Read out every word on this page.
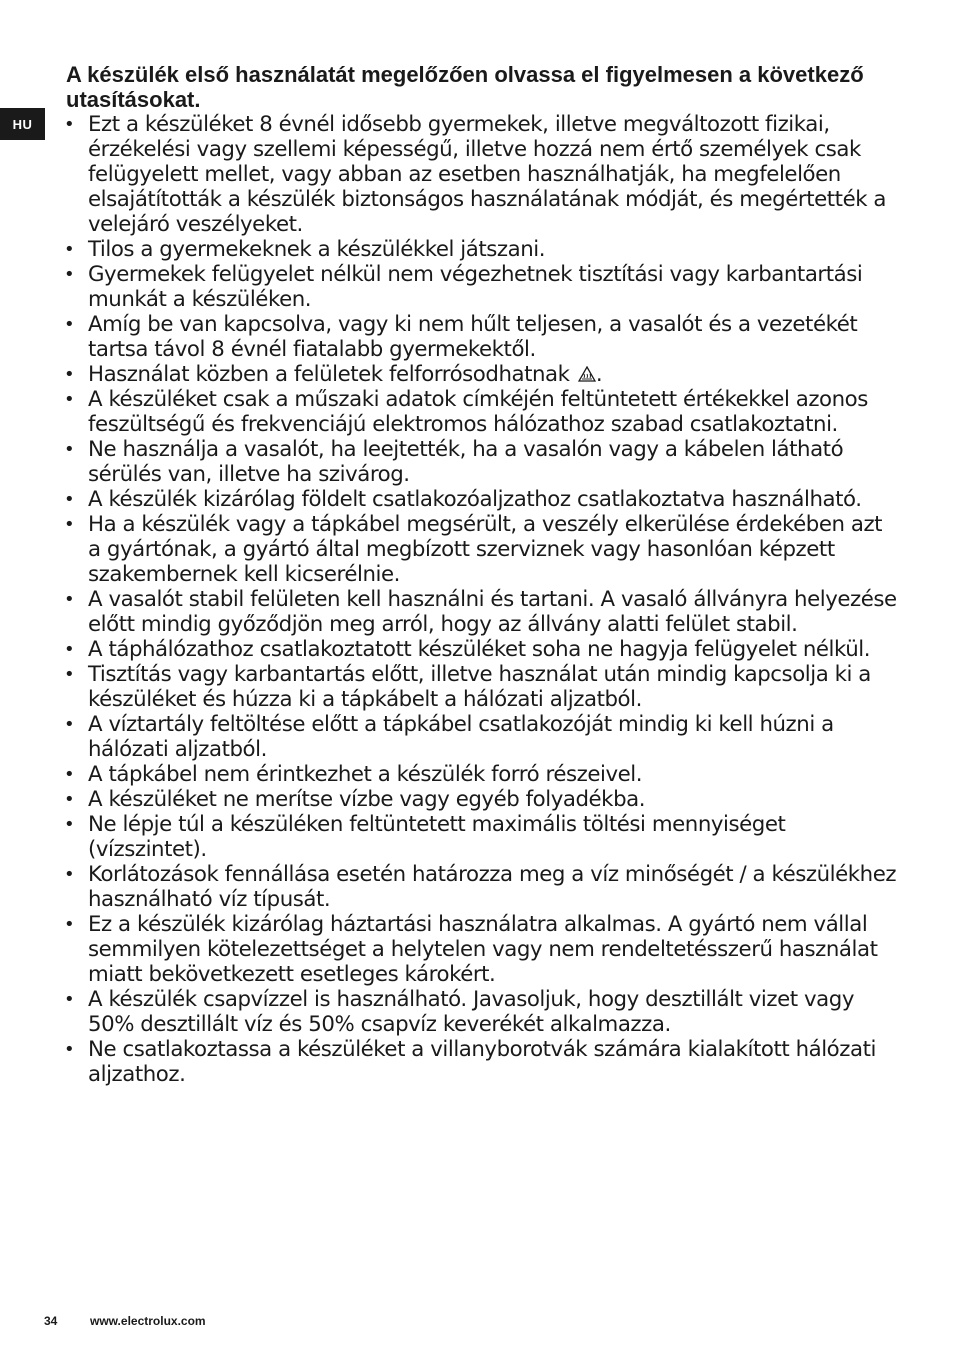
HU
A készülék első használatát megelőzően olvassa el figyelmesen a következő utasításokat.
• Ezt a készüléket 8 évnél idősebb gyermekek, illetve megváltozott fizikai, érzékelési vagy szellemi képességű, illetve hozzá nem értő személyek csak felügyelett mellet, vagy abban az esetben használhatják, ha megfelelően elsajátították a készülék biztonságos használatának módját, és megértették a velejáró veszélyeket.
• Tilos a gyermekeknek a készülékkel játszani.
• Gyermekek felügyelet nélkül nem végezhetnek tisztítási vagy karbantartási munkát a készüléken.
• Amíg be van kapcsolva, vagy ki nem hűlt teljesen, a vasalót és a vezetékét tartsa távol 8 évnél fiatalabb gyermekektől.
• Használat közben a felületek felforrósodhatnak .
• A készüléket csak a műszaki adatok címkéjén feltüntetett értékekkel azonos feszültségű és frekvenciájú elektromos hálózathoz szabad csatlakoztatni.
• Ne használja a vasalót, ha leejtették, ha a vasalón vagy a kábelen látható sérülés van, illetve ha szivárog.
• A készülék kizárólag földelt csatlakozóaljzathoz csatlakoztatva használható.
• Ha a készülék vagy a tápkábel megsérült, a veszély elkerülése érdekében azt a gyártónak, a gyártó által megbízott szerviznek vagy hasonlóan képzett szakembernek kell kicserélnie.
• A vasalót stabil felületen kell használni és tartani. A vasaló állványra helyezése előtt mindig győződjön meg arról, hogy az állvány alatti felület stabil.
• A táphálózathoz csatlakoztatott készüléket soha ne hagyja felügyelet nélkül.
• Tisztítás vagy karbantartás előtt, illetve használat után mindig kapcsolja ki a készüléket és húzza ki a tápkábelt a hálózati aljzatból.
• A víztartály feltöltése előtt a tápkábel csatlakozóját mindig ki kell húzni a hálózati aljzatból.
• A tápkábel nem érintkezhet a készülék forró részeivel.
• A készüléket ne merítse vízbe vagy egyéb folyadékba.
• Ne lépje túl a készüléken feltüntetett maximális töltési mennyiséget (vízszintet).
• Korlátozások fennállása esetén határozza meg a víz minőségét / a készülékhez használható víz típusát.
• Ez a készülék kizárólag háztartási használatra alkalmas. A gyártó nem vállal semmilyen kötelezettséget a helytelen vagy nem rendeltetésszerű használat miatt bekövetkezett esetleges károkért.
• A készülék csapvízzel is használható. Javasoljuk, hogy desztillált vizet vagy 50% desztillált víz és 50% csapvíz keverékét alkalmazza.
• Ne csatlakoztassa a készüléket a villanyborotvák számára kialakított hálózati aljzathoz.
34	www.electrolux.com
